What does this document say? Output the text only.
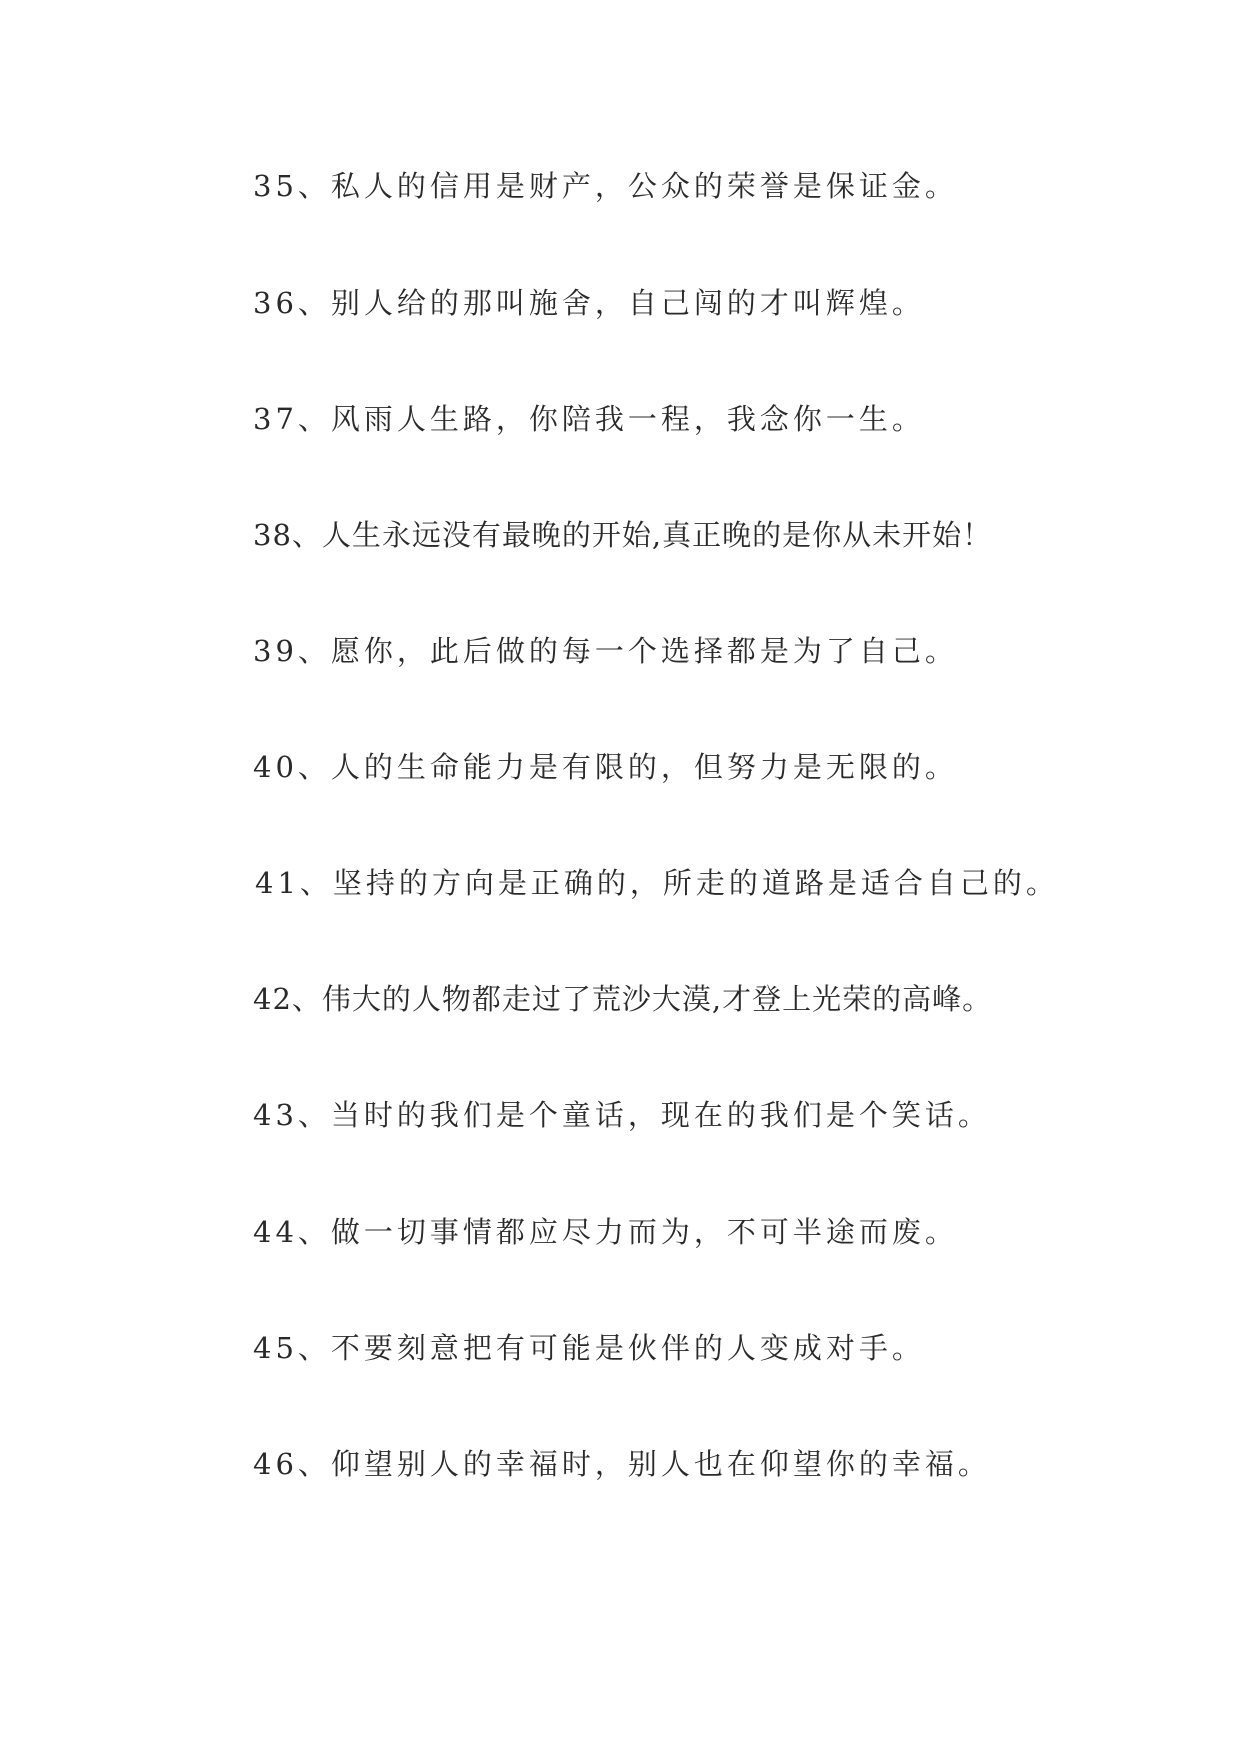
35、私人的信用是财产，公众的荣誉是保证金。
36、别人给的那叫施舍，自己闯的才叫辉煌。
37、风雨人生路，你陪我一程，我念你一生。
38、人生永远没有最晚的开始,真正晚的是你从未开始！
39、愿你，此后做的每一个选择都是为了自己。
40、人的生命能力是有限的，但努力是无限的。
41、坚持的方向是正确的，所走的道路是适合自己的。
42、伟大的人物都走过了荒沙大漠,才登上光荣的高峰。
43、当时的我们是个童话，现在的我们是个笑话。
44、做一切事情都应尽力而为，不可半途而废。
45、不要刻意把有可能是伙伴的人变成对手。
46、仰望别人的幸福时，别人也在仰望你的幸福。
